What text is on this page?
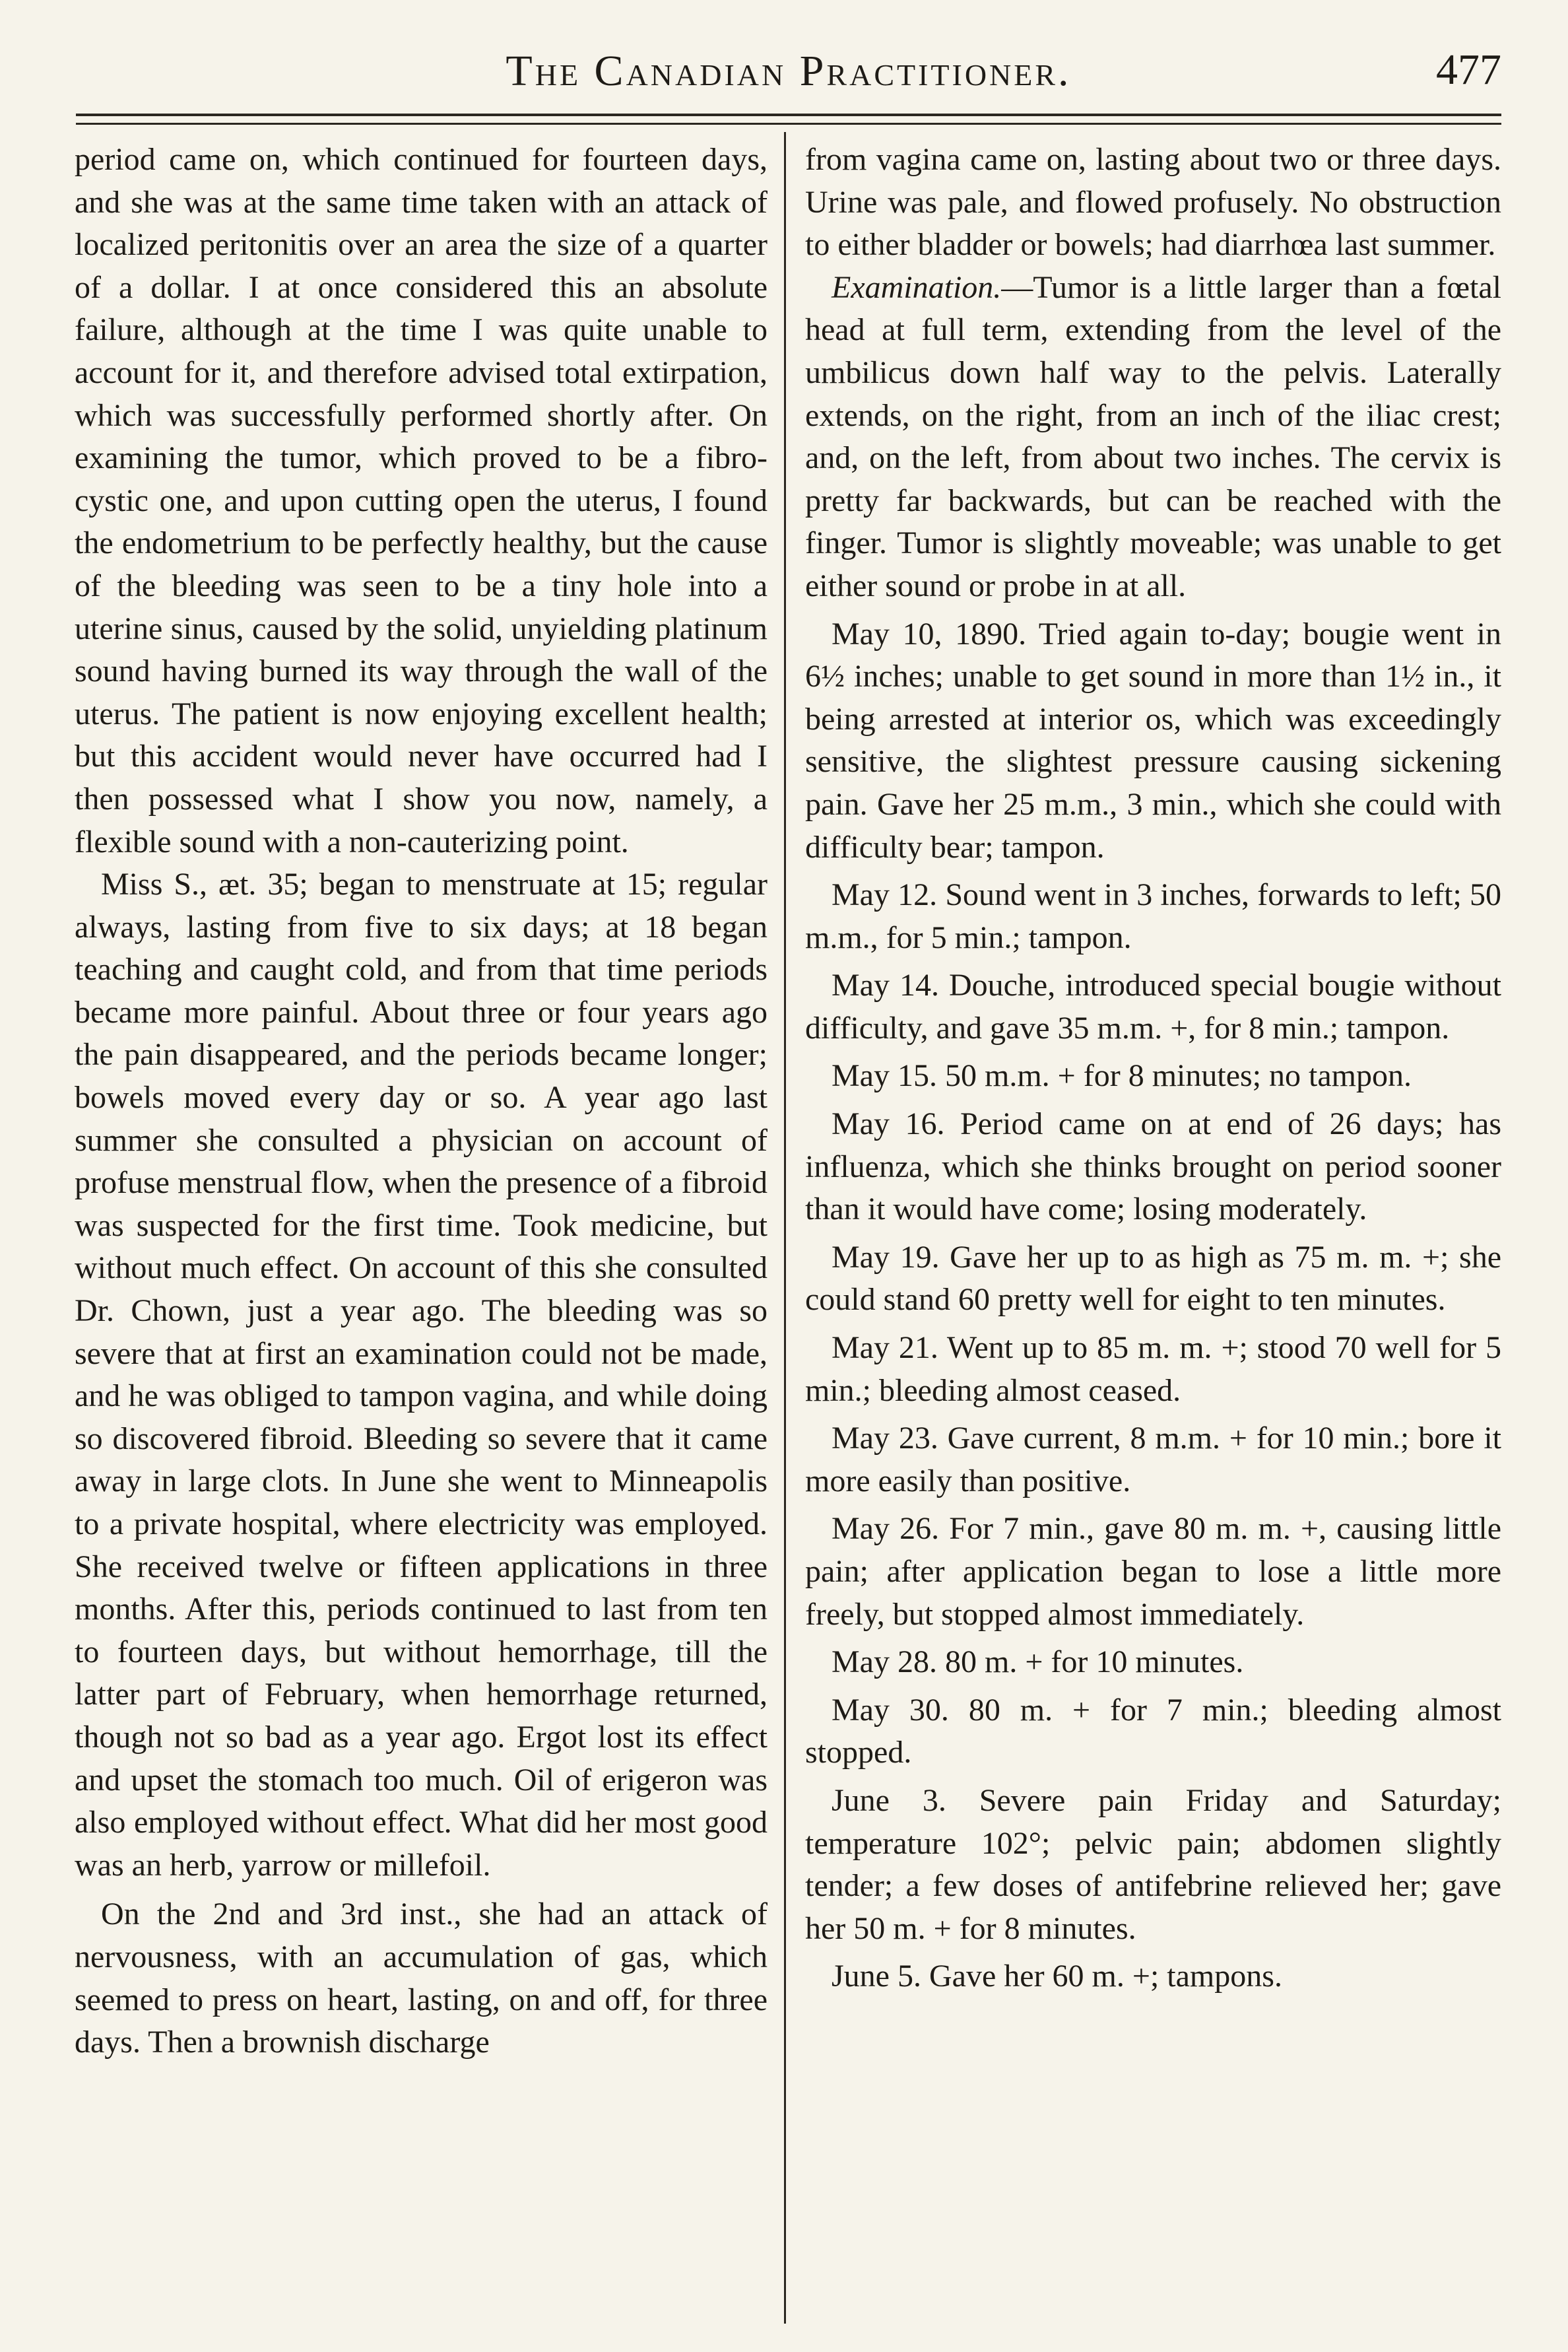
The Canadian Practitioner.	477

period came on, which continued for fourteen days, and she was at the same time taken with an attack of localized peritonitis over an area the size of a quarter of a dollar. I at once considered this an absolute failure, although at the time I was quite unable to account for it, and therefore advised total extirpation, which was successfully performed shortly after. On examining the tumor, which proved to be a fibro-cystic one, and upon cutting open the uterus, I found the endometrium to be perfectly healthy, but the cause of the bleeding was seen to be a tiny hole into a uterine sinus, caused by the solid, unyielding platinum sound having burned its way through the wall of the uterus. The patient is now enjoying excellent health; but this accident would never have occurred had I then possessed what I show you now, namely, a flexible sound with a non-cauterizing point.

Miss S., æt. 35; began to menstruate at 15; regular always, lasting from five to six days; at 18 began teaching and caught cold, and from that time periods became more painful. About three or four years ago the pain disappeared, and the periods became longer; bowels moved every day or so. A year ago last summer she consulted a physician on account of profuse menstrual flow, when the presence of a fibroid was suspected for the first time. Took medicine, but without much effect. On account of this she consulted Dr. Chown, just a year ago. The bleeding was so severe that at first an examination could not be made, and he was obliged to tampon vagina, and while doing so discovered fibroid. Bleeding so severe that it came away in large clots. In June she went to Minneapolis to a private hospital, where electricity was employed. She received twelve or fifteen applications in three months. After this, periods continued to last from ten to fourteen days, but without hemorrhage, till the latter part of February, when hemorrhage returned, though not so bad as a year ago. Ergot lost its effect and upset the stomach too much. Oil of erigeron was also employed without effect. What did her most good was an herb, yarrow or millefoil.

On the 2nd and 3rd inst., she had an attack of nervousness, with an accumulation of gas, which seemed to press on heart, lasting, on and off, for three days. Then a brownish discharge

from vagina came on, lasting about two or three days. Urine was pale, and flowed profusely. No obstruction to either bladder or bowels; had diarrhœa last summer.

Examination.—Tumor is a little larger than a fœtal head at full term, extending from the level of the umbilicus down half way to the pelvis. Laterally extends, on the right, from an inch of the iliac crest; and, on the left, from about two inches. The cervix is pretty far backwards, but can be reached with the finger. Tumor is slightly moveable; was unable to get either sound or probe in at all.

May 10, 1890. Tried again to-day; bougie went in 6½ inches; unable to get sound in more than 1½ in., it being arrested at interior os, which was exceedingly sensitive, the slightest pressure causing sickening pain. Gave her 25 m.m., 3 min., which she could with difficulty bear; tampon.

May 12. Sound went in 3 inches, forwards to left; 50 m.m., for 5 min.; tampon.

May 14. Douche, introduced special bougie without difficulty, and gave 35 m.m. +, for 8 min.; tampon.

May 15. 50 m.m. + for 8 minutes; no tampon.

May 16. Period came on at end of 26 days; has influenza, which she thinks brought on period sooner than it would have come; losing moderately.

May 19. Gave her up to as high as 75 m. m. +; she could stand 60 pretty well for eight to ten minutes.

May 21. Went up to 85 m. m. +; stood 70 well for 5 min.; bleeding almost ceased.

May 23. Gave current, 8 m.m. + for 10 min.; bore it more easily than positive.

May 26. For 7 min., gave 80 m. m. +, causing little pain; after application began to lose a little more freely, but stopped almost immediately.

May 28. 80 m. + for 10 minutes.

May 30. 80 m. + for 7 min.; bleeding almost stopped.

June 3. Severe pain Friday and Saturday; temperature 102°; pelvic pain; abdomen slightly tender; a few doses of antifebrine relieved her; gave her 50 m. + for 8 minutes.

June 5. Gave her 60 m. +; tampons.
